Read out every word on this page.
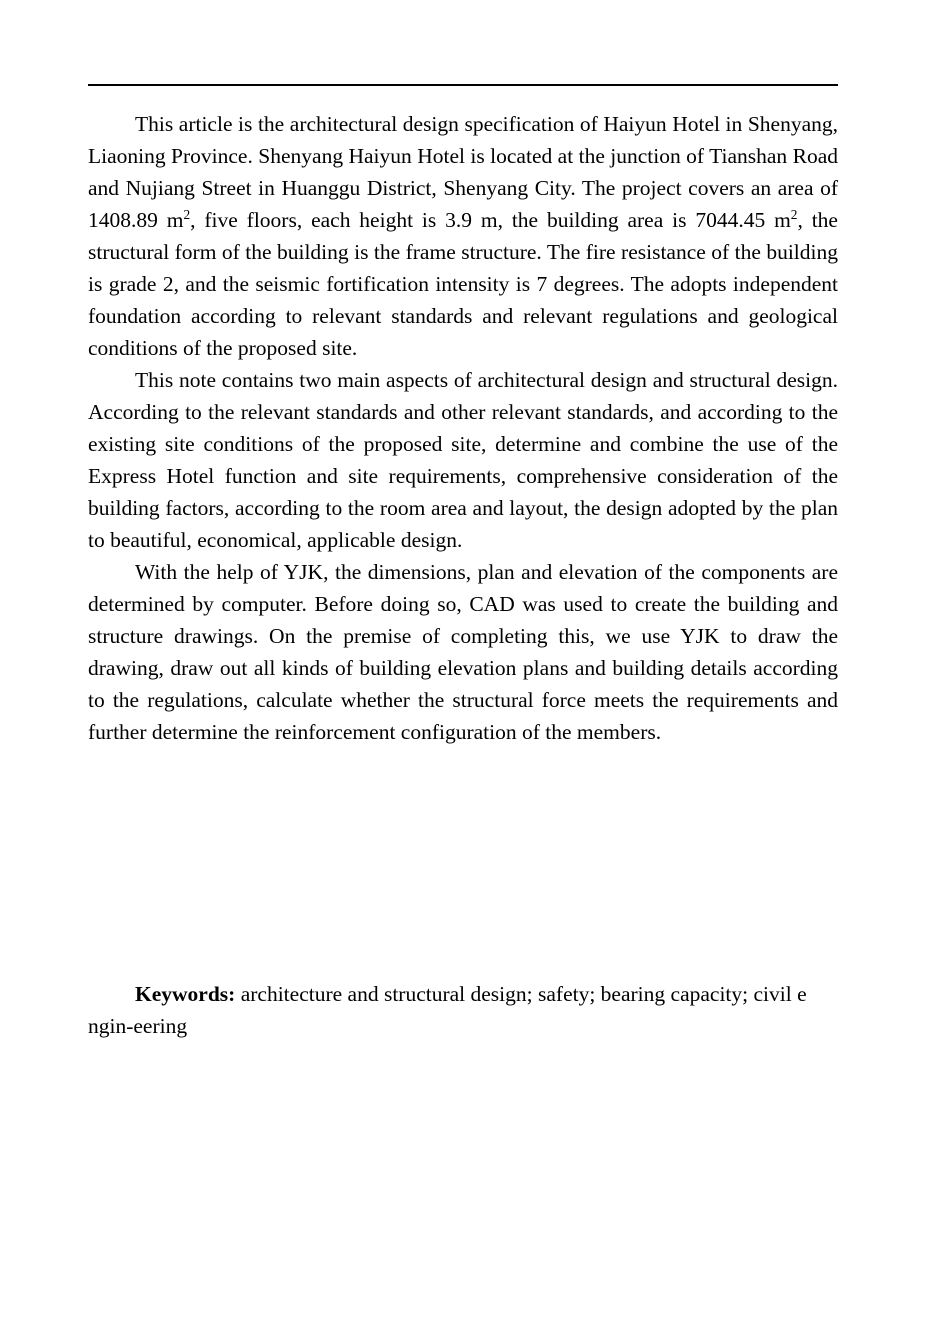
This article is the architectural design specification of Haiyun Hotel in Shenyang, Liaoning Province. Shenyang Haiyun Hotel is located at the junction of Tianshan Road and Nujiang Street in Huanggu District, Shenyang City. The project covers an area of 1408.89 $m^2$, five floors, each height is 3.9 m, the building area is 7044.45 $m^2$, the structural form of the building is the frame structure. The fire resistance of the building is grade 2, and the seismic fortification intensity is 7 degrees. The adopts independent foundation according to relevant standards and relevant regulations and geological conditions of the proposed site.

This note contains two main aspects of architectural design and structural design. According to the relevant standards and other relevant standards, and according to the existing site conditions of the proposed site, determine and combine the use of the Express Hotel function and site requirements, comprehensive consideration of the building factors, according to the room area and layout, the design adopted by the plan to beautiful, economical, applicable design.

With the help of YJK, the dimensions, plan and elevation of the components are determined by computer. Before doing so, CAD was used to create the building and structure drawings. On the premise of completing this, we use YJK to draw the drawing, draw out all kinds of building elevation plans and building details according to the regulations, calculate whether the structural force meets the requirements and further determine the reinforcement configuration of the members.

Keywords: architecture and structural design; safety; bearing capacity; civil e ngin-eering
